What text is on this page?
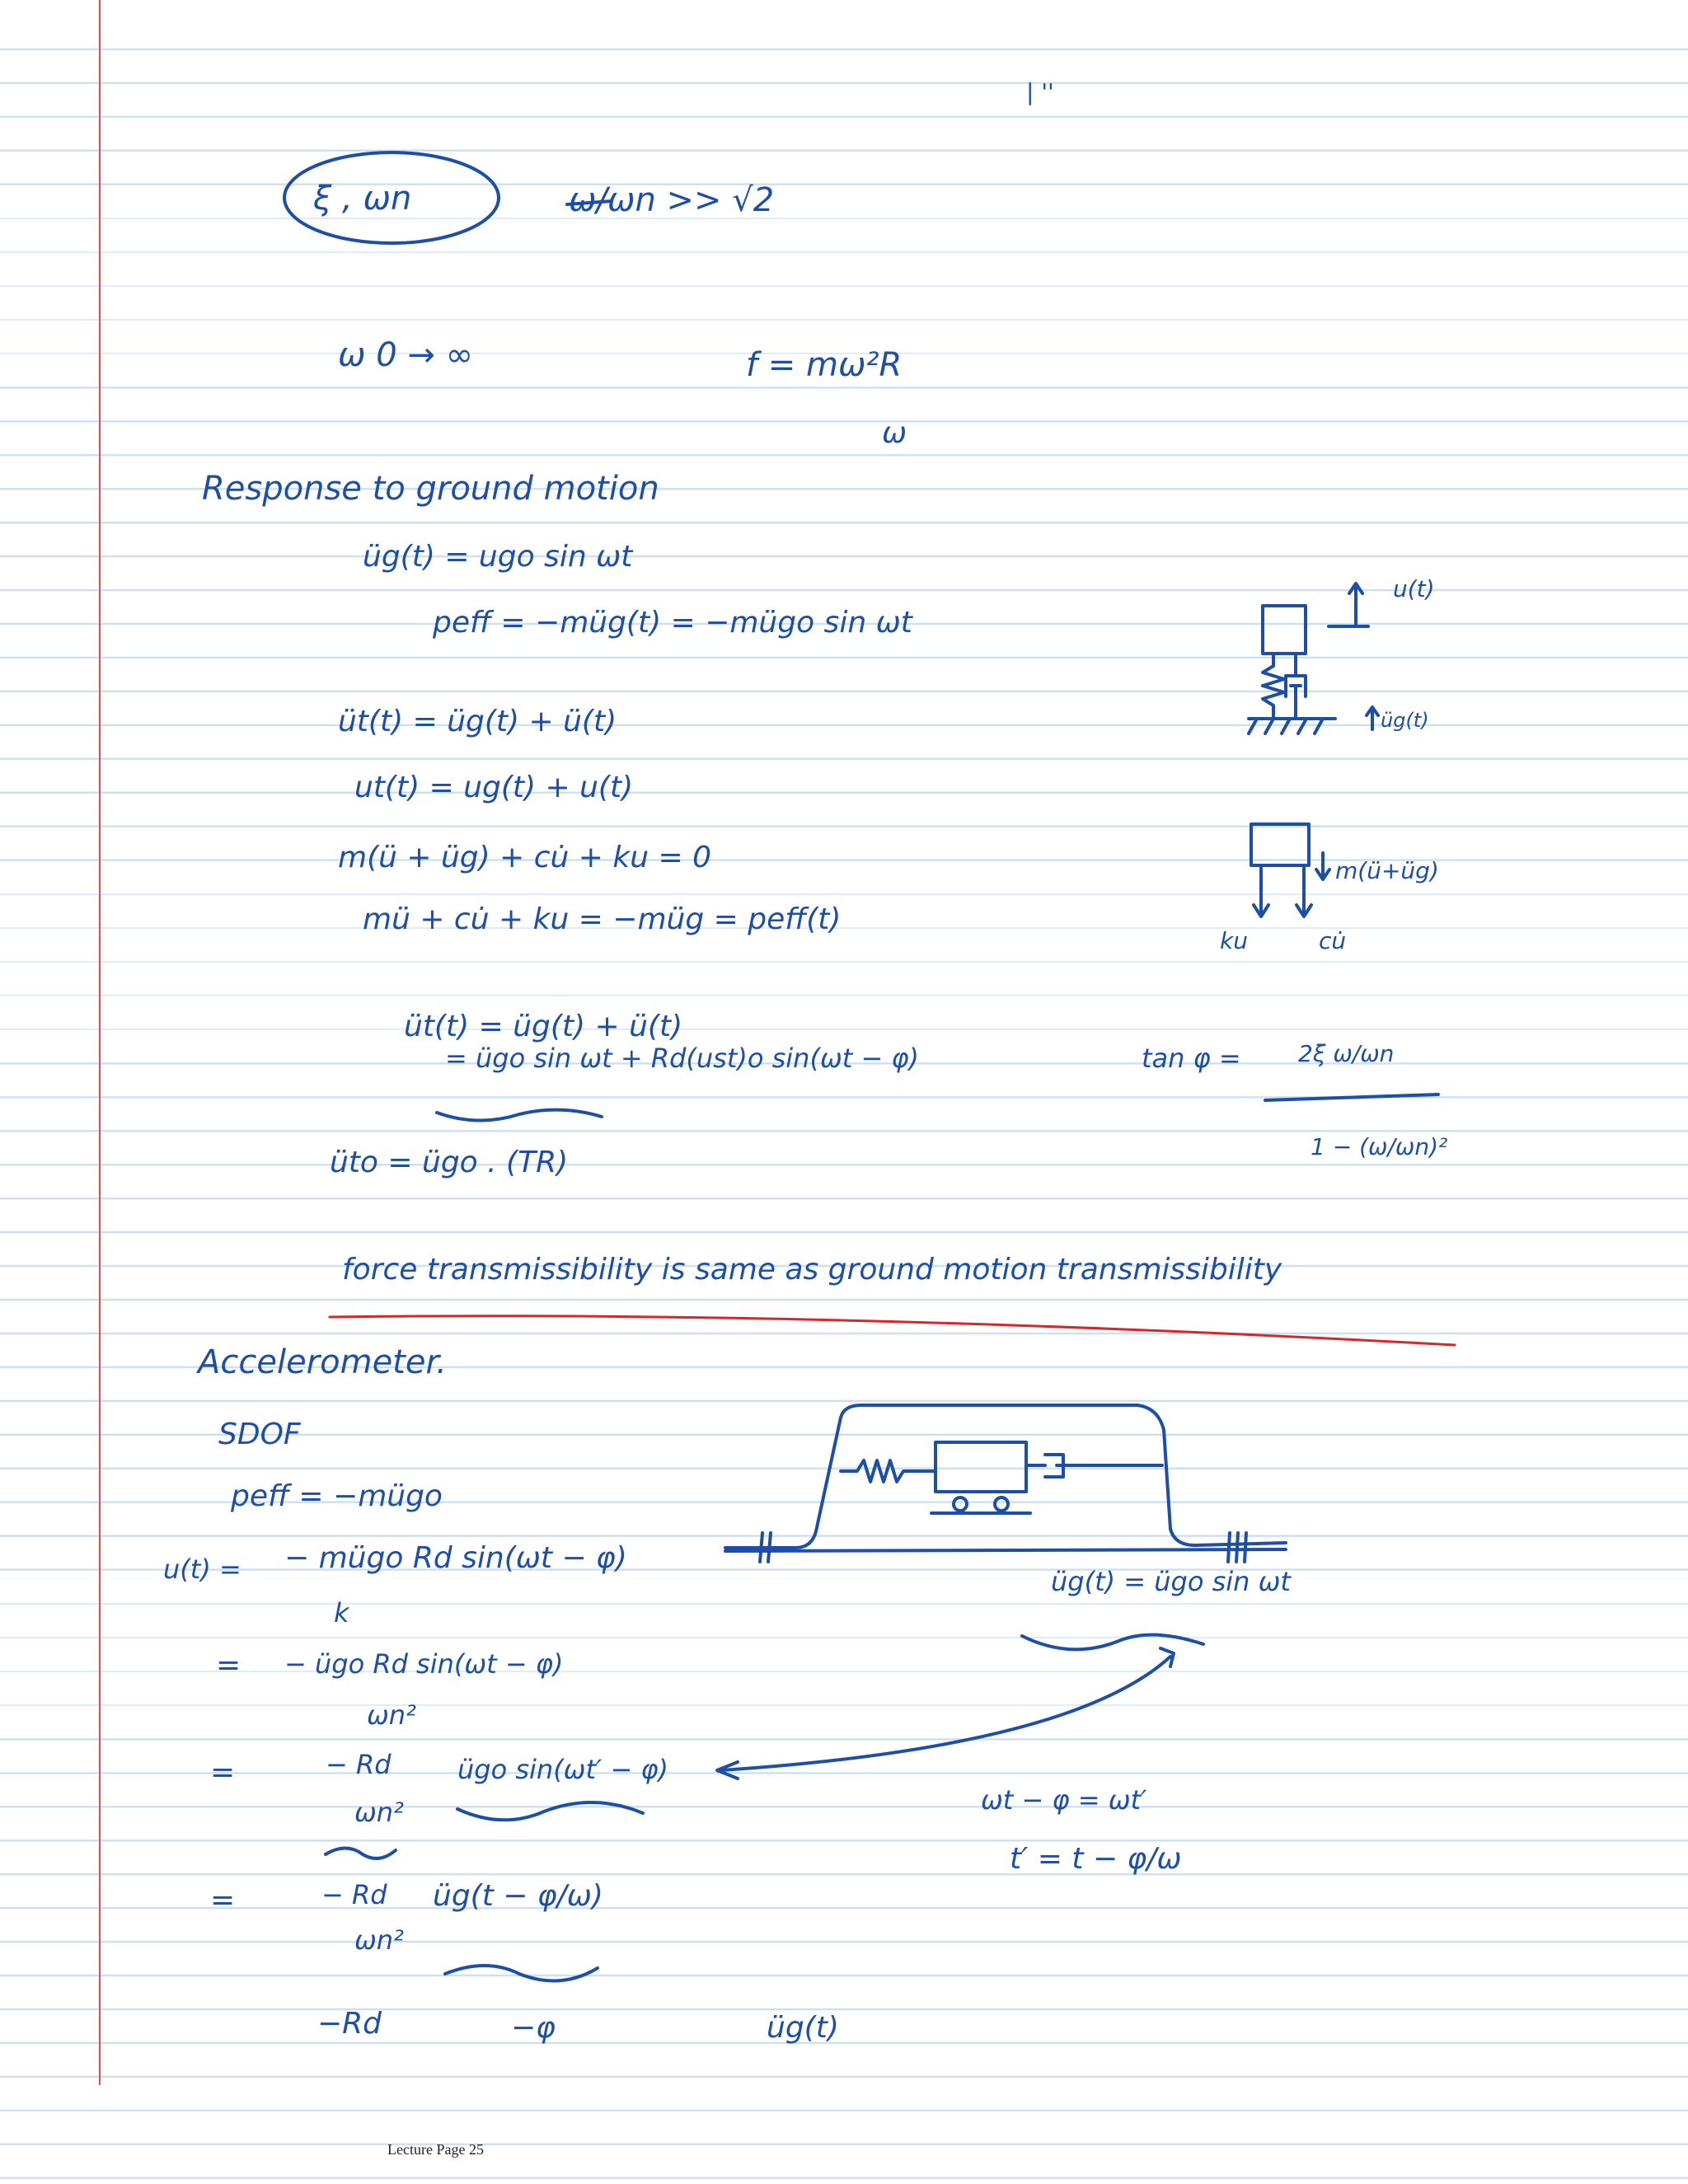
| ''
ξ , ωn	ω/ωn >> √2
ω 0 → ∞	f = mω²R
ω
Response to ground motion
üg(t) = ugo sin ωt
peff = −müg(t) = −mügo sin ωt
u(t)
üg(t)
üt(t) = üg(t) + ü(t)
ut(t) = ug(t) + u(t)
m(ü + üg) + cu̇ + ku = 0
mü + cu̇ + ku = −müg = peff(t)
m(ü+üg)
ku	cu̇
üt(t) = üg(t) + ü(t)
= ügo sin ωt + Rd(ust)o sin(ωt − φ)	tan φ = 2ξ ω/ωn
1 − (ω/ωn)²
üto = ügo . (TR)
force transmissibility is same as ground motion transmissibility
Accelerometer.
SDOF
peff = −mügo
u(t) = − mügo Rd sin(ωt − φ)
k
= − ügo Rd sin(ωt − φ)
ωn²
=	− Rd	ügo sin(ωt′ − φ)
ωn²
=	− Rd üg(t − φ/ω)
ωn²
üg(t) = ügo sin ωt
ωt − φ = ωt′
t′ = t − φ/ω
−Rd	−φ	üg(t)
Lecture Page 25
